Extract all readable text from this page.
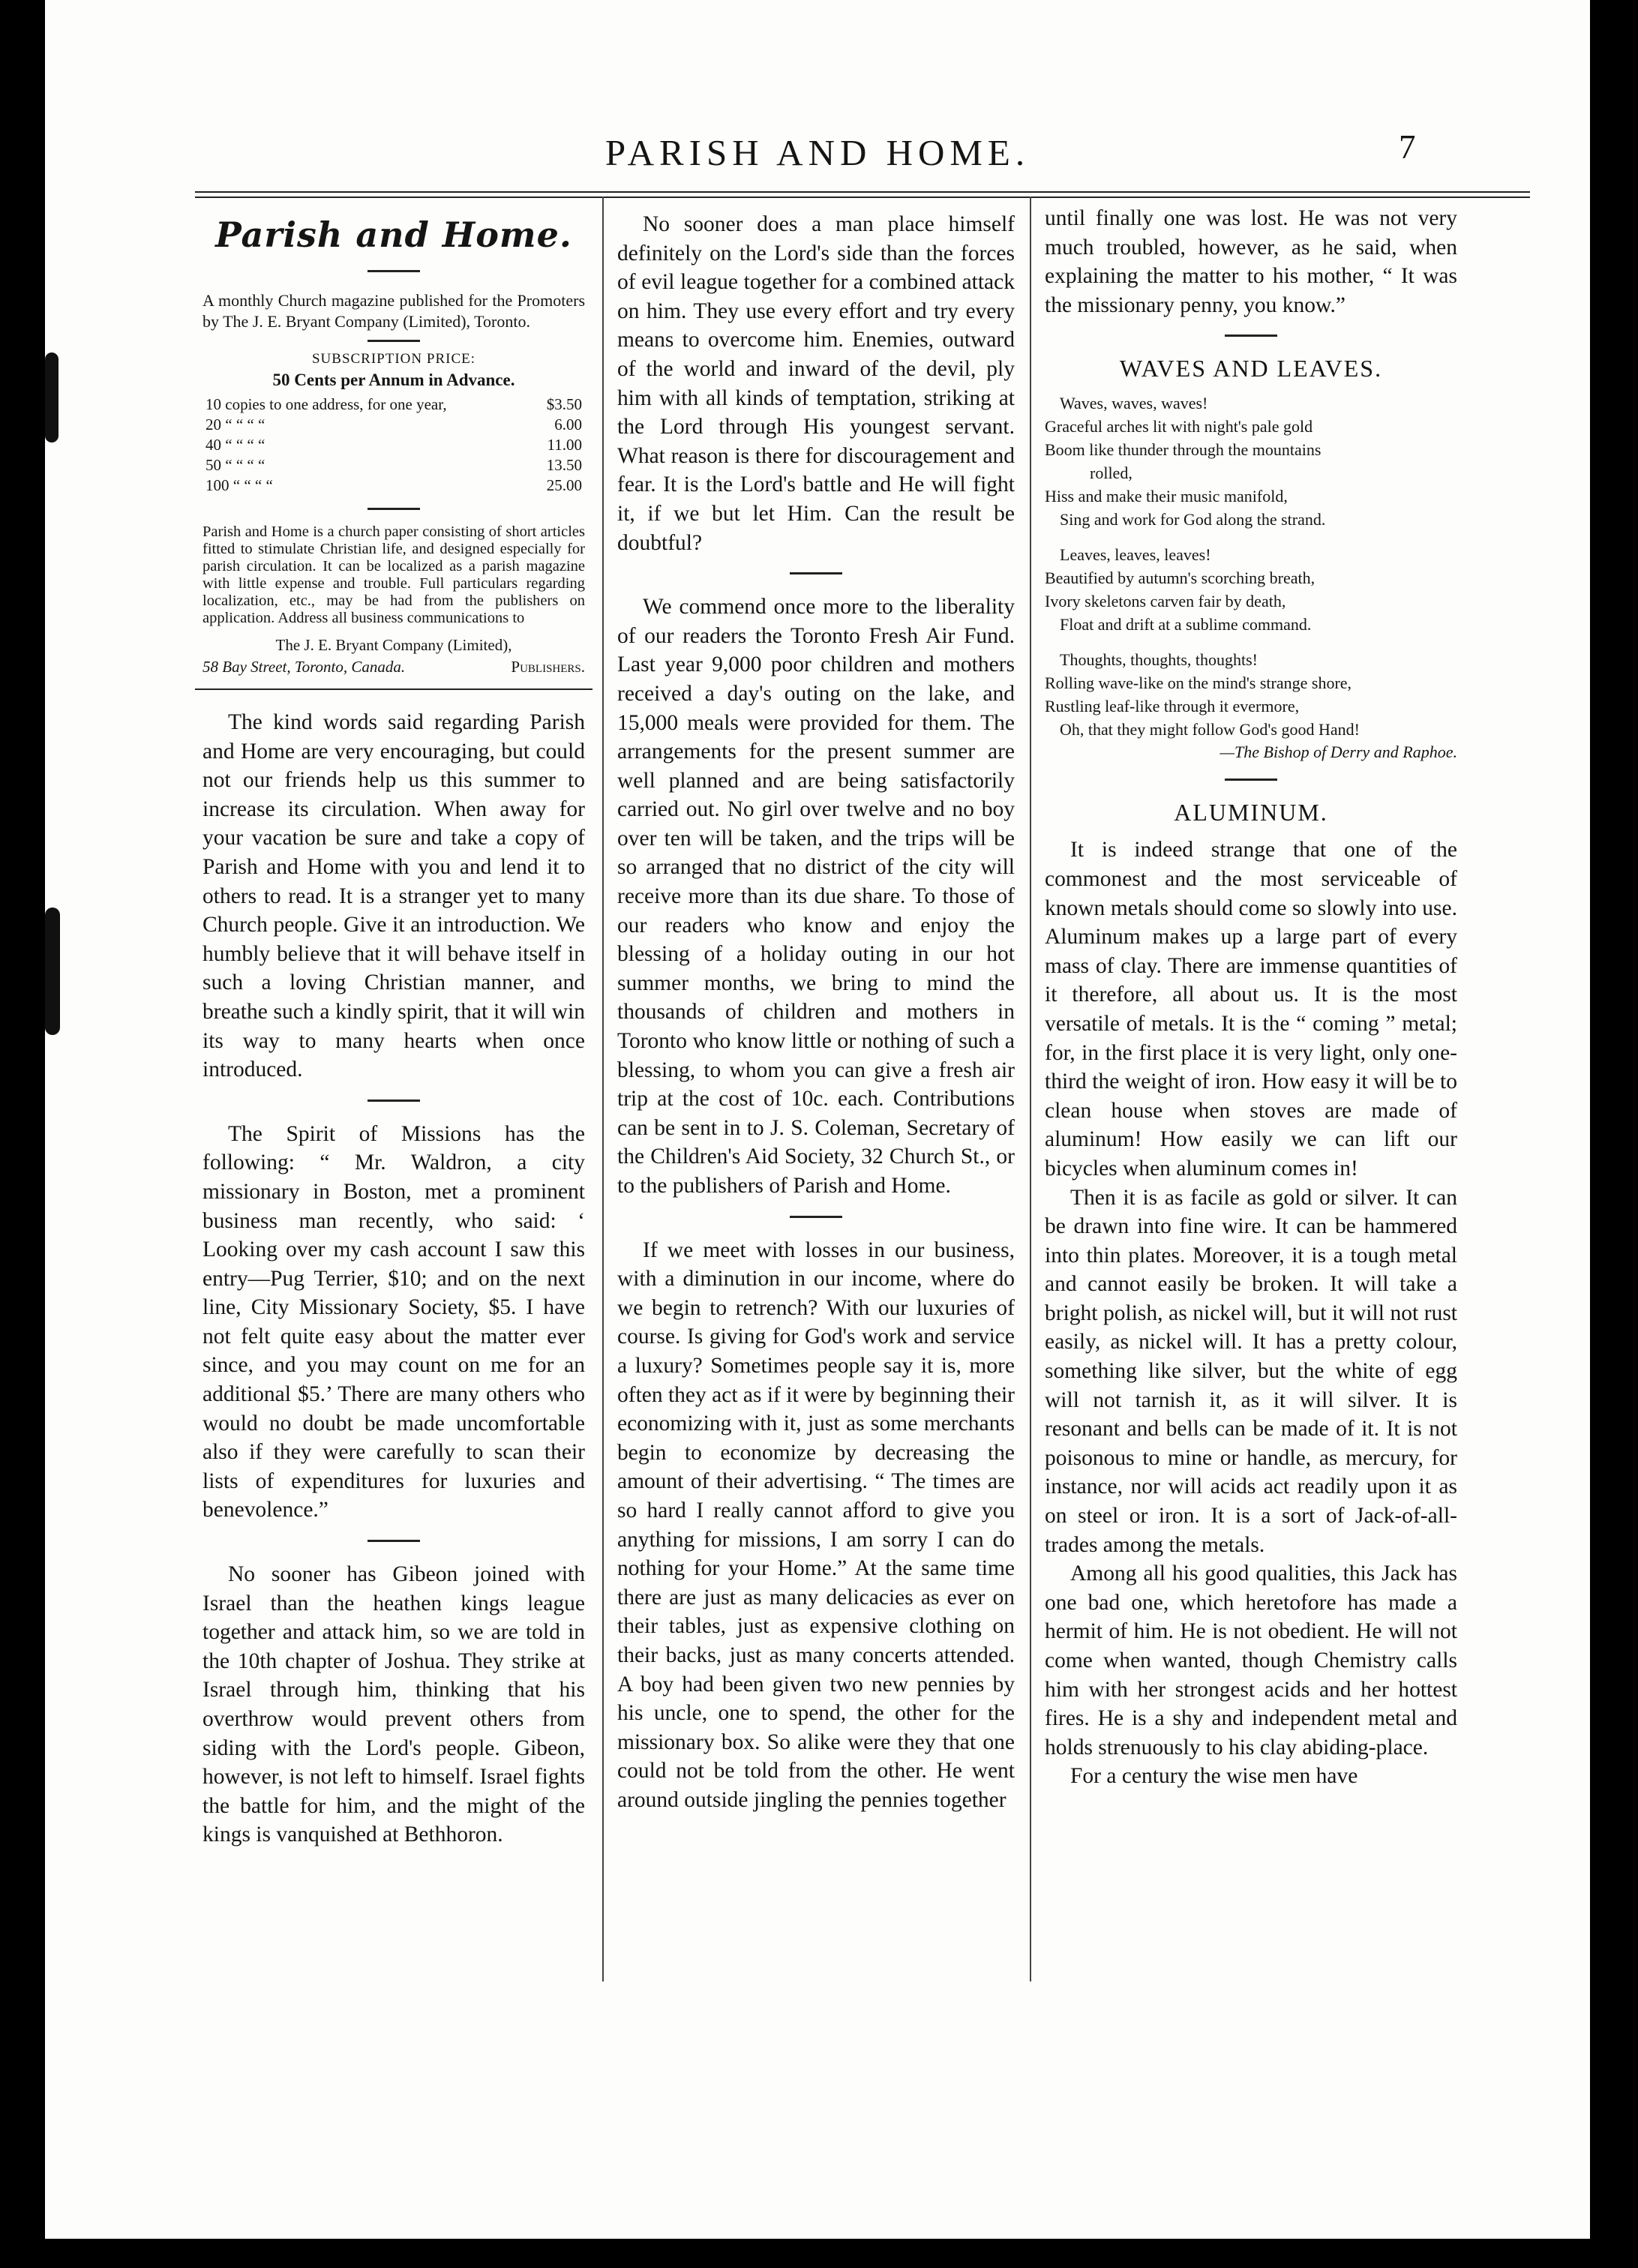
PARISH AND HOME.	7
Parish and Home.

A monthly Church magazine published for the Promoters by The J. E. Bryant Company (Limited), Toronto.

SUBSCRIPTION PRICE:
50 Cents per Annum in Advance.
10 copies to one address, for one year,	$3.50
20 “ “ “ “	6.00
40 “ “ “ “	11.00
50 “ “ “ “	13.50
100 “ “ “ “	25.00

Parish and Home is a church paper consisting of short articles fitted to stimulate Christian life, and designed especially for parish circulation. It can be localized as a parish magazine with little expense and trouble. Full particulars regarding localization, etc., may be had from the publishers on application. Address all business communications to

The J. E. Bryant Company (Limited),
58 Bay Street, Toronto, Canada.	Publishers.

The kind words said regarding Parish and Home are very encouraging, but could not our friends help us this summer to increase its circulation. When away for your vacation be sure and take a copy of Parish and Home with you and lend it to others to read. It is a stranger yet to many Church people. Give it an introduction. We humbly believe that it will behave itself in such a loving Christian manner, and breathe such a kindly spirit, that it will win its way to many hearts when once introduced.

The Spirit of Missions has the following: “ Mr. Waldron, a city missionary in Boston, met a prominent business man recently, who said: ‘ Looking over my cash account I saw this entry—Pug Terrier, $10; and on the next line, City Missionary Society, $5. I have not felt quite easy about the matter ever since, and you may count on me for an additional $5.’ There are many others who would no doubt be made uncomfortable also if they were carefully to scan their lists of expenditures for luxuries and benevolence.”

No sooner has Gibeon joined with Israel than the heathen kings league together and attack him, so we are told in the 10th chapter of Joshua. They strike at Israel through him, thinking that his overthrow would prevent others from siding with the Lord's people. Gibeon, however, is not left to himself. Israel fights the battle for him, and the might of the kings is vanquished at Bethhoron.

No sooner does a man place himself definitely on the Lord's side than the forces of evil league together for a combined attack on him. They use every effort and try every means to overcome him. Enemies, outward of the world and inward of the devil, ply him with all kinds of temptation, striking at the Lord through His youngest servant. What reason is there for discouragement and fear. It is the Lord's battle and He will fight it, if we but let Him. Can the result be doubtful?

We commend once more to the liberality of our readers the Toronto Fresh Air Fund. Last year 9,000 poor children and mothers received a day's outing on the lake, and 15,000 meals were provided for them. The arrangements for the present summer are well planned and are being satisfactorily carried out. No girl over twelve and no boy over ten will be taken, and the trips will be so arranged that no district of the city will receive more than its due share. To those of our readers who know and enjoy the blessing of a holiday outing in our hot summer months, we bring to mind the thousands of children and mothers in Toronto who know little or nothing of such a blessing, to whom you can give a fresh air trip at the cost of 10c. each. Contributions can be sent in to J. S. Coleman, Secretary of the Children's Aid Society, 32 Church St., or to the publishers of Parish and Home.

If we meet with losses in our business, with a diminution in our income, where do we begin to retrench? With our luxuries of course. Is giving for God's work and service a luxury? Sometimes people say it is, more often they act as if it were by beginning their economizing with it, just as some merchants begin to economize by decreasing the amount of their advertising. “ The times are so hard I really cannot afford to give you anything for missions, I am sorry I can do nothing for your Home.” At the same time there are just as many delicacies as ever on their tables, just as expensive clothing on their backs, just as many concerts attended. A boy had been given two new pennies by his uncle, one to spend, the other for the missionary box. So alike were they that one could not be told from the other. He went around outside jingling the pennies together

until finally one was lost. He was not very much troubled, however, as he said, when explaining the matter to his mother, “ It was the missionary penny, you know.”

WAVES AND LEAVES.
Waves, waves, waves!
Graceful arches lit with night's pale gold
Boom like thunder through the mountains
rolled,
Hiss and make their music manifold,
Sing and work for God along the strand.
Leaves, leaves, leaves!
Beautified by autumn's scorching breath,
Ivory skeletons carven fair by death,
Float and drift at a sublime command.
Thoughts, thoughts, thoughts!
Rolling wave-like on the mind's strange shore,
Rustling leaf-like through it evermore,
Oh, that they might follow God's good Hand!
—The Bishop of Derry and Raphoe.
ALUMINUM.

It is indeed strange that one of the commonest and the most serviceable of known metals should come so slowly into use. Aluminum makes up a large part of every mass of clay. There are immense quantities of it therefore, all about us. It is the most versatile of metals. It is the “ coming ” metal; for, in the first place it is very light, only one-third the weight of iron. How easy it will be to clean house when stoves are made of aluminum! How easily we can lift our bicycles when aluminum comes in!

Then it is as facile as gold or silver. It can be drawn into fine wire. It can be hammered into thin plates. Moreover, it is a tough metal and cannot easily be broken. It will take a bright polish, as nickel will, but it will not rust easily, as nickel will. It has a pretty colour, something like silver, but the white of egg will not tarnish it, as it will silver. It is resonant and bells can be made of it. It is not poisonous to mine or handle, as mercury, for instance, nor will acids act readily upon it as on steel or iron. It is a sort of Jack-of-all-trades among the metals.

Among all his good qualities, this Jack has one bad one, which heretofore has made a hermit of him. He is not obedient. He will not come when wanted, though Chemistry calls him with her strongest acids and her hottest fires. He is a shy and independent metal and holds strenuously to his clay abiding-place.

For a century the wise men have
